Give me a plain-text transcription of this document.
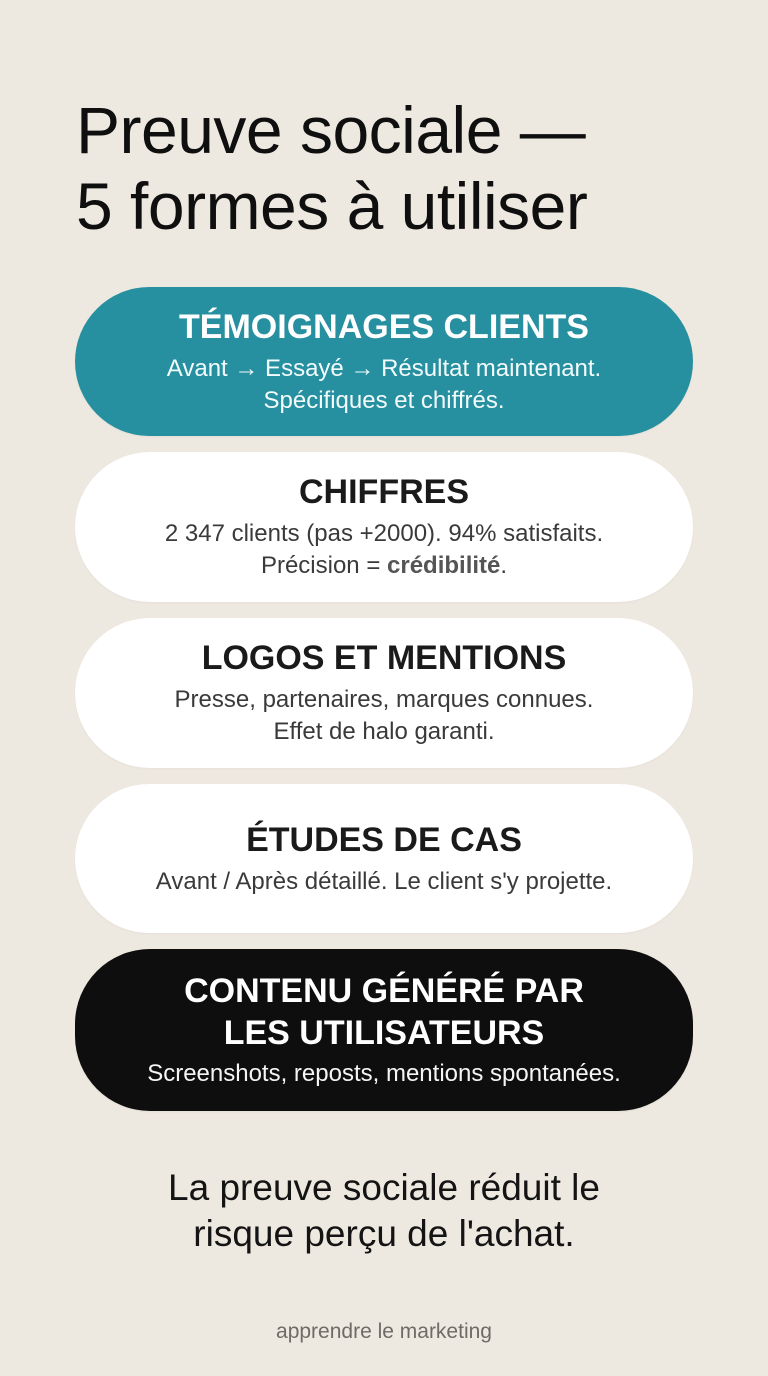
Preuve sociale —
5 formes à utiliser

TÉMOIGNAGES CLIENTS

Avant → Essayé → Résultat maintenant.
Spécifiques et chiffrés.

CHIFFRES

2 347 clients (pas +2000). 94% satisfaits.
Précision = crédibilité.

LOGOS ET MENTIONS

Presse, partenaires, marques connues.
Effet de halo garanti.

ÉTUDES DE CAS

Avant / Après détaillé. Le client s'y projette.

CONTENU GÉNÉRÉ PAR
LES UTILISATEURS

Screenshots, reposts, mentions spontanées.

La preuve sociale réduit le
risque perçu de l'achat.

apprendre le marketing
